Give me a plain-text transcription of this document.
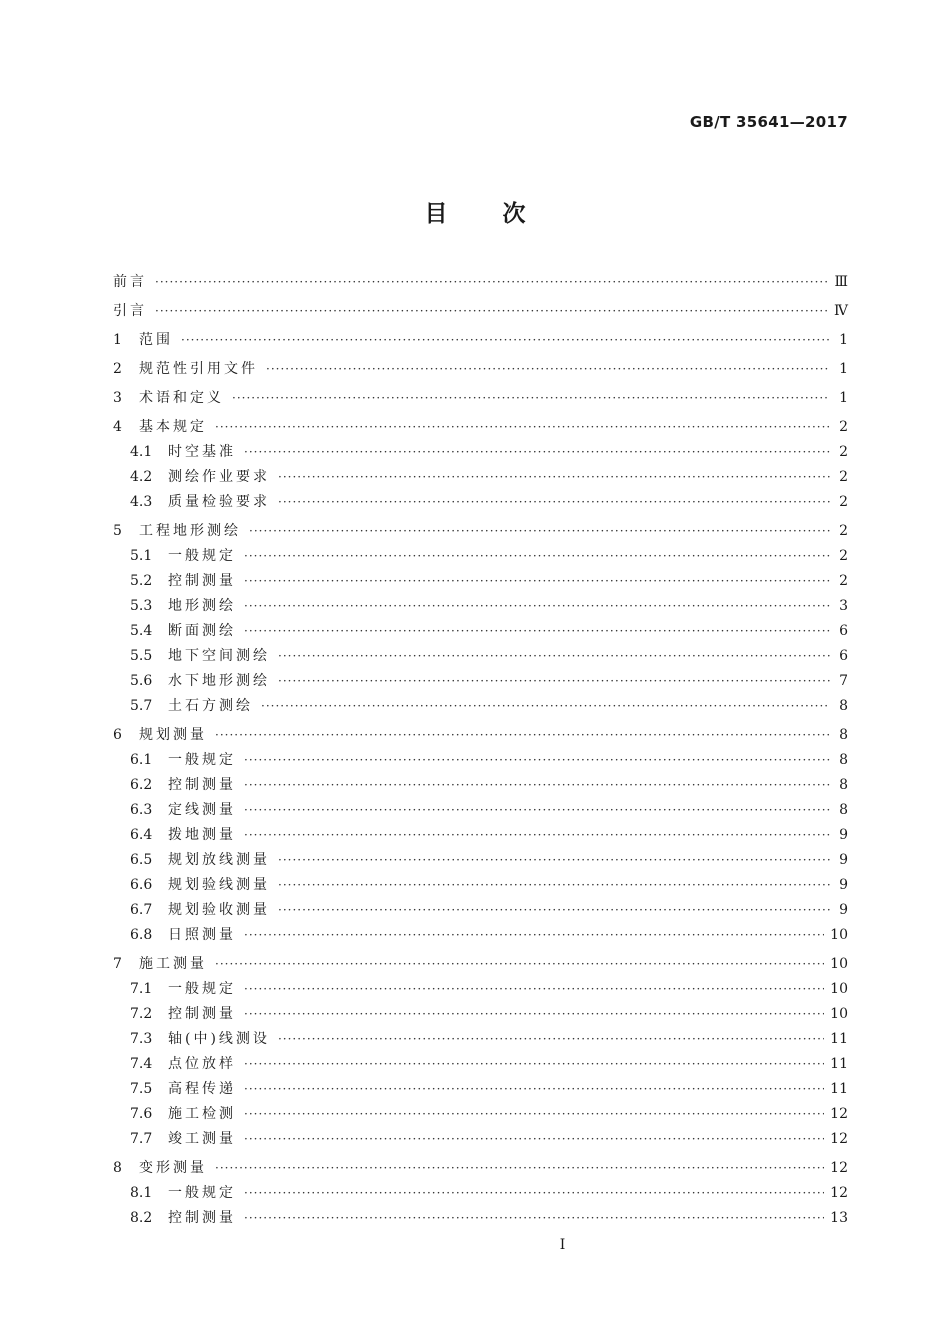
GB/T 35641—2017
目次
前言 ·····	Ⅲ
引言 ·····	Ⅳ
1	范围 ·····	1
2	规范性引用文件 ·····	1
3	术语和定义 ·····	1
4	基本规定 ·····	2
4.1	时空基准 ·····	2
4.2	测绘作业要求 ·····	2
4.3	质量检验要求 ·····	2
5	工程地形测绘 ·····	2
5.1	一般规定 ·····	2
5.2	控制测量 ·····	2
5.3	地形测绘 ·····	3
5.4	断面测绘 ·····	6
5.5	地下空间测绘 ·····	6
5.6	水下地形测绘 ·····	7
5.7	土石方测绘 ·····	8
6	规划测量 ·····	8
6.1	一般规定 ·····	8
6.2	控制测量 ·····	8
6.3	定线测量 ·····	8
6.4	拨地测量 ·····	9
6.5	规划放线测量 ·····	9
6.6	规划验线测量 ·····	9
6.7	规划验收测量 ·····	9
6.8	日照测量 ·····	10
7	施工测量 ·····	10
7.1	一般规定 ·····	10
7.2	控制测量 ·····	10
7.3	轴(中)线测设 ·····	11
7.4	点位放样 ·····	11
7.5	高程传递 ·····	11
7.6	施工检测 ·····	12
7.7	竣工测量 ·····	12
8	变形测量 ·····	12
8.1	一般规定 ·····	12
8.2	控制测量 ·····	13
I
